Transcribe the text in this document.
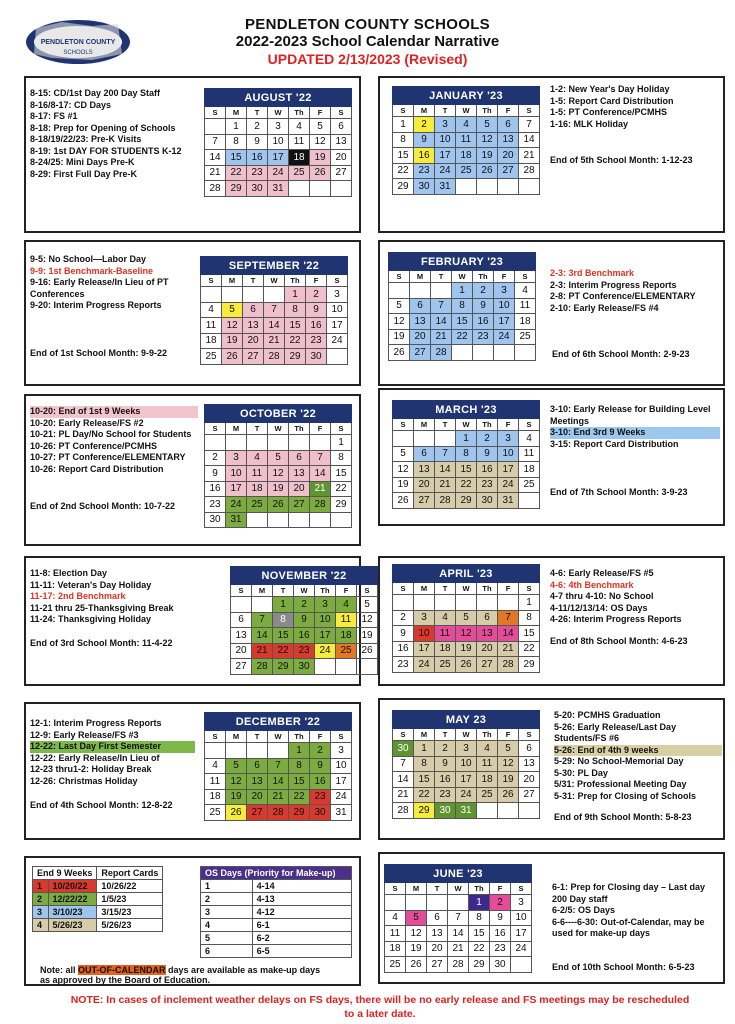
PENDLETON COUNTY
SCHOOLS
PENDLETON COUNTY SCHOOLS
2022-2023 School Calendar Narrative
UPDATED 2/13/2023 (Revised)
8-15: CD/1st Day 200 Day Staff
8-16/8-17: CD Days
8-17: FS #1
8-18: Prep for Opening of Schools
8-18/19/22/23: Pre-K Visits
8-19: 1st DAY FOR STUDENTS K-12
8-24/25: Mini Days Pre-K
8-29: First Full Day Pre-K
AUGUST '22						
S	M	T	W	Th	F	S
	1	2	3	4	5	6
7	8	9	10	11	12	13
14	15	16	17	18	19	20
21	22	23	24	25	26	27
28	29	30	31			
JANUARY '23						
S	M	T	W	Th	F	S
1	2	3	4	5	6	7
8	9	10	11	12	13	14
15	16	17	18	19	20	21
22	23	24	25	26	27	28
29	30	31				
1-2: New Year's Day Holiday
1-5: Report Card Distribution
1-5: PT Conference/PCMHS
1-16: MLK Holiday
End of 5th School Month: 1-12-23
9-5: No School—Labor Day
9-9: 1st Benchmark-Baseline
9-16: Early Release/In Lieu of PT Conferences
9-20: Interim Progress Reports
End of 1st School Month: 9-9-22
SEPTEMBER '22						
S	M	T	W	Th	F	S
				1	2	3
4	5	6	7	8	9	10
11	12	13	14	15	16	17
18	19	20	21	22	23	24
25	26	27	28	29	30	
FEBRUARY '23						
S	M	T	W	Th	F	S
			1	2	3	4
5	6	7	8	9	10	11
12	13	14	15	16	17	18
19	20	21	22	23	24	25
26	27	28				
2-3: 3rd Benchmark
2-3: Interim Progress Reports
2-8: PT Conference/ELEMENTARY
2-10: Early Release/FS #4
End of 6th School Month: 2-9-23
10-20: End of 1st 9 Weeks
10-20: Early Release/FS #2
10-21: PL Day/No School for Students
10-26: PT Conference/PCMHS
10-27: PT Conference/ELEMENTARY
10-26: Report Card Distribution
End of 2nd School Month: 10-7-22
OCTOBER '22						
S	M	T	W	Th	F	S
						1
2	3	4	5	6	7	8
9	10	11	12	13	14	15
16	17	18	19	20	21	22
23	24	25	26	27	28	29
30	31					
MARCH '23						
S	M	T	W	Th	F	S
			1	2	3	4
5	6	7	8	9	10	11
12	13	14	15	16	17	18
19	20	21	22	23	24	25
26	27	28	29	30	31	
3-10: Early Release for Building Level Meetings
3-10: End 3rd 9 Weeks
3-15: Report Card Distribution
End of 7th School Month: 3-9-23
11-8: Election Day
11-11: Veteran's Day Holiday
11-17: 2nd Benchmark
11-21 thru 25-Thanksgiving Break
11-24: Thanksgiving Holiday
End of 3rd School Month: 11-4-22
NOVEMBER '22						
S	M	T	W	Th	F	S
		1	2	3	4	5
6	7	8	9	10	11	12
13	14	15	16	17	18	19
20	21	22	23	24	25	26
27	28	29	30			
APRIL '23						
S	M	T	W	Th	F	S
						1
2	3	4	5	6	7	8
9	10	11	12	13	14	15
16	17	18	19	20	21	22
23	24	25	26	27	28	29
4-6: Early Release/FS #5
4-6: 4th Benchmark
4-7 thru 4-10: No School
4-11/12/13/14: OS Days
4-26: Interim Progress Reports
End of 8th School Month: 4-6-23
12-1: Interim Progress Reports
12-9: Early Release/FS #3
12-22: Last Day First Semester
12-22: Early Release/In Lieu of
12-23 thru1-2: Holiday Break
12-26: Christmas Holiday
End of 4th School Month: 12-8-22
DECEMBER '22						
S	M	T	W	Th	F	S
				1	2	3
4	5	6	7	8	9	10
11	12	13	14	15	16	17
18	19	20	21	22	23	24
25	26	27	28	29	30	31
MAY 23						
S	M	T	W	Th	F	S
30	1	2	3	4	5	6
7	8	9	10	11	12	13
14	15	16	17	18	19	20
21	22	23	24	25	26	27
28	29	30	31			
5-20: PCMHS Graduation
5-26: Early Release/Last Day Students/FS #6
5-26: End of 4th 9 weeks
5-29: No School-Memorial Day
5-30: PL Day
5/31: Professional Meeting Day
5-31: Prep for Closing of Schools
End of 9th School Month: 5-8-23
End 9 Weeks		Report Cards
1	10/20/22	10/26/22
2	12/22/22	1/5/23
3	3/10/23	3/15/23
4	5/26/23	5/26/23
OS Days (Priority for Make-up)	
1	4-14
2	4-13
3	4-12
4	6-1
5	6-2
6	6-5
Note: all OUT-OF-CALENDAR days are available as make-up days
as approved by the Board of Education.
JUNE '23						
S	M	T	W	Th	F	S
				1	2	3
4	5	6	7	8	9	10
11	12	13	14	15	16	17
18	19	20	21	22	23	24
25	26	27	28	29	30	
6-1: Prep for Closing day – Last day 200 Day staff
6-2/5: OS Days
6-6----6-30: Out-of-Calendar, may be used for make-up days
End of 10th School Month: 6-5-23
NOTE: In cases of inclement weather delays on FS days, there will be no early release and FS meetings may be rescheduled to a later date.
